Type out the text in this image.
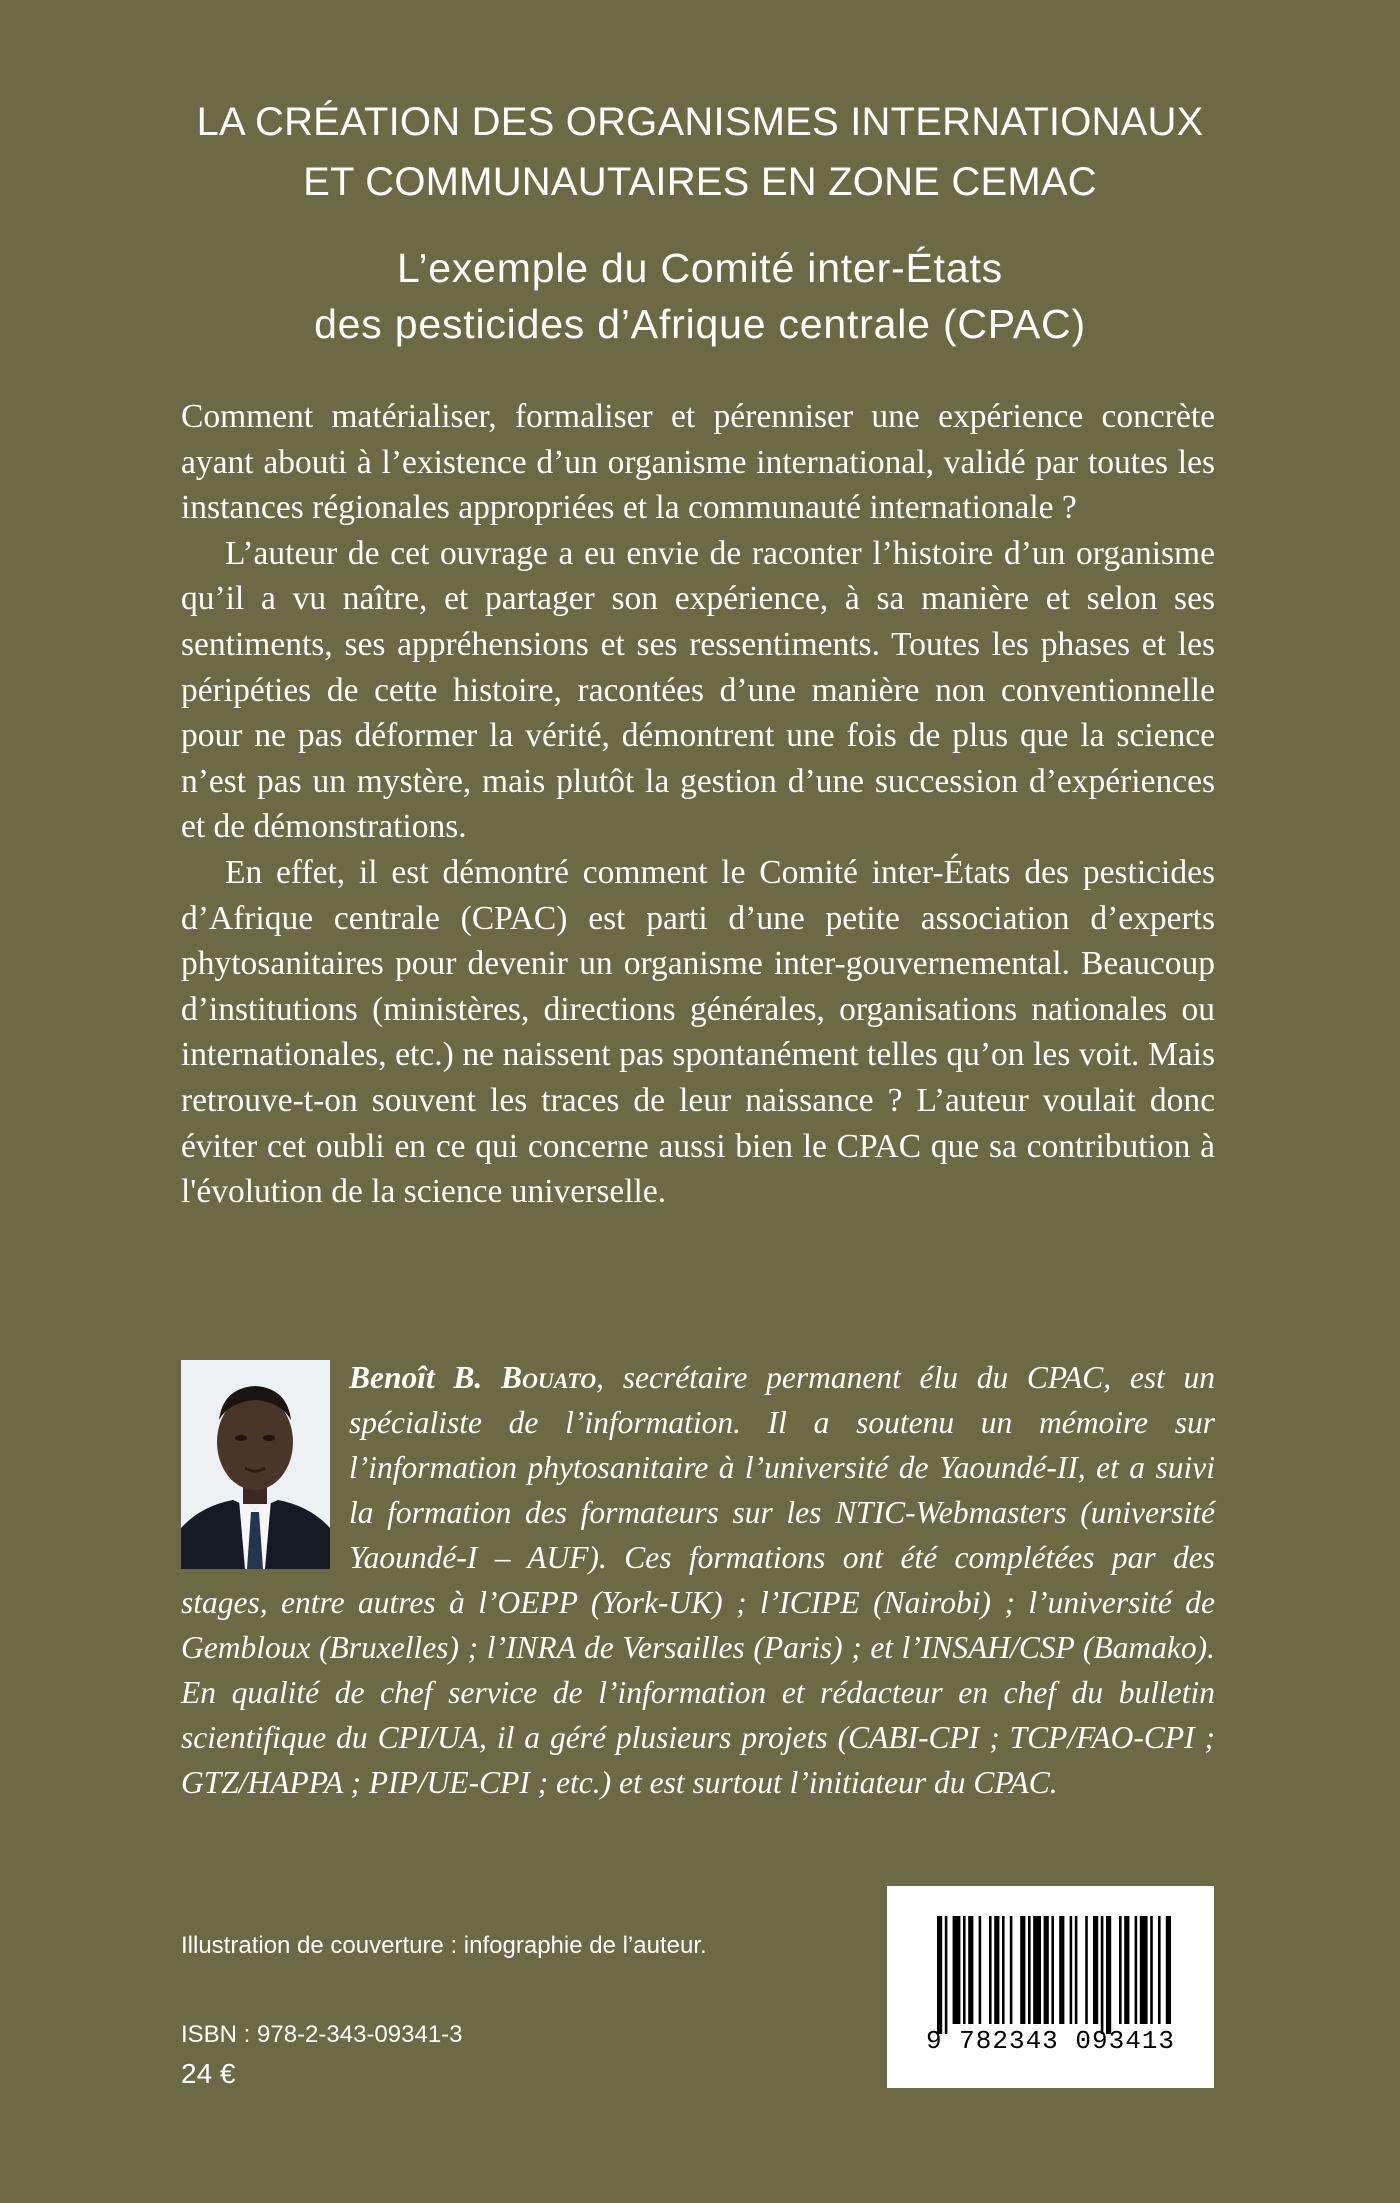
LA CRÉATION DES ORGANISMES INTERNATIONAUX
ET COMMUNAUTAIRES EN ZONE CEMAC
L’exemple du Comité inter-États
des pesticides d’Afrique centrale (CPAC)

Comment matérialiser, formaliser et pérenniser une expérience concrète ayant abouti à l’existence d’un organisme international, validé par toutes les instances régionales appropriées et la communauté internationale ?

L’auteur de cet ouvrage a eu envie de raconter l’histoire d’un organisme qu’il a vu naître, et partager son expérience, à sa manière et selon ses sentiments, ses appréhensions et ses ressentiments. Toutes les phases et les péripéties de cette histoire, racontées d’une manière non conventionnelle pour ne pas déformer la vérité, démontrent une fois de plus que la science n’est pas un mystère, mais plutôt la gestion d’une succession d’expériences et de démonstrations.

En effet, il est démontré comment le Comité inter-États des pesticides d’Afrique centrale (CPAC) est parti d’une petite association d’experts phytosanitaires pour devenir un organisme inter-gouvernemental. Beaucoup d’institutions (ministères, directions générales, organisations nationales ou internationales, etc.) ne naissent pas spontanément telles qu’on les voit. Mais retrouve-t-on souvent les traces de leur naissance ? L’auteur voulait donc éviter cet oubli en ce qui concerne aussi bien le CPAC que sa contribution à l'évolution de la science universelle.

Benoît B. Bouato, secrétaire permanent élu du CPAC, est un spécialiste de l’information. Il a soutenu un mémoire sur l’information phytosanitaire à l’université de Yaoundé-II, et a suivi la formation des formateurs sur les NTIC-Webmasters (université Yaoundé-I – AUF). Ces formations ont été complétées par des stages, entre autres à l’OEPP (York-UK) ; l’ICIPE (Nairobi) ; l’université de Gembloux (Bruxelles) ; l’INRA de Versailles (Paris) ; et l’INSAH/CSP (Bamako). En qualité de chef service de l’information et rédacteur en chef du bulletin scientifique du CPI/UA, il a géré plusieurs projets (CABI-CPI ; TCP/FAO-CPI ; GTZ/HAPPA ; PIP/UE-CPI ; etc.) et est surtout l’initiateur du CPAC.

Illustration de couverture : infographie de l’auteur.
ISBN : 978-2-343-09341-3
24 €
9 782343 093413
